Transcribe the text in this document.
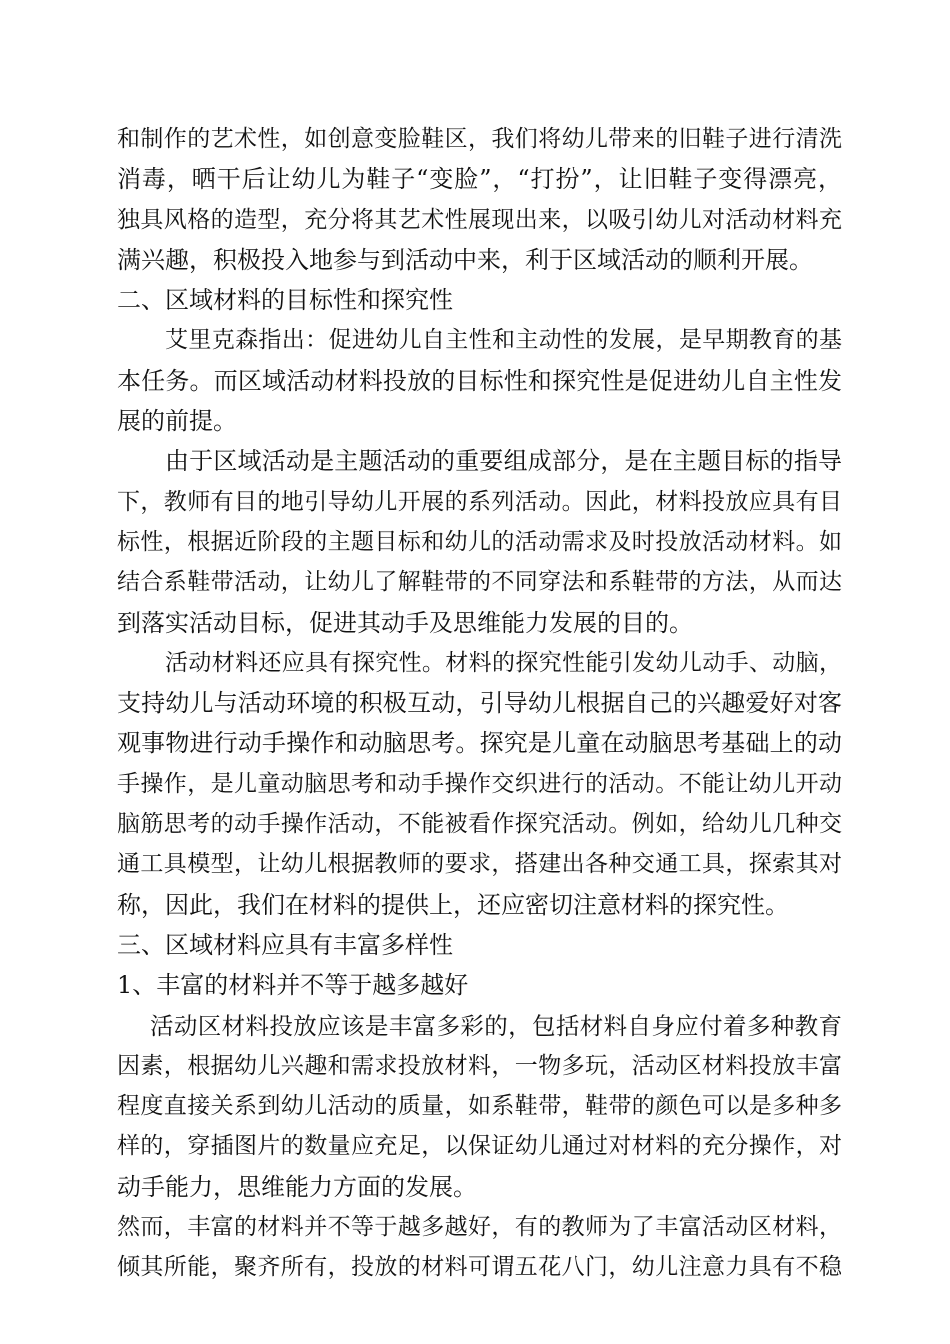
和制作的艺术性，如创意变脸鞋区，我们将幼儿带来的旧鞋子进行清洗
消毒，晒干后让幼儿为鞋子“变脸”，“打扮”，让旧鞋子变得漂亮，
独具风格的造型，充分将其艺术性展现出来，以吸引幼儿对活动材料充
满兴趣，积极投入地参与到活动中来，利于区域活动的顺利开展。
二、区域材料的目标性和探究性
艾里克森指出：促进幼儿自主性和主动性的发展，是早期教育的基
本任务。而区域活动材料投放的目标性和探究性是促进幼儿自主性发
展的前提。
由于区域活动是主题活动的重要组成部分，是在主题目标的指导
下，教师有目的地引导幼儿开展的系列活动。因此，材料投放应具有目
标性，根据近阶段的主题目标和幼儿的活动需求及时投放活动材料。如
结合系鞋带活动，让幼儿了解鞋带的不同穿法和系鞋带的方法，从而达
到落实活动目标，促进其动手及思维能力发展的目的。
活动材料还应具有探究性。材料的探究性能引发幼儿动手、动脑，
支持幼儿与活动环境的积极互动，引导幼儿根据自己的兴趣爱好对客
观事物进行动手操作和动脑思考。探究是儿童在动脑思考基础上的动
手操作，是儿童动脑思考和动手操作交织进行的活动。不能让幼儿开动
脑筋思考的动手操作活动，不能被看作探究活动。例如，给幼儿几种交
通工具模型，让幼儿根据教师的要求，搭建出各种交通工具，探索其对
称，因此，我们在材料的提供上，还应密切注意材料的探究性。
三、区域材料应具有丰富多样性
1、丰富的材料并不等于越多越好
活动区材料投放应该是丰富多彩的，包括材料自身应付着多种教育
因素，根据幼儿兴趣和需求投放材料，一物多玩，活动区材料投放丰富
程度直接关系到幼儿活动的质量，如系鞋带，鞋带的颜色可以是多种多
样的，穿插图片的数量应充足，以保证幼儿通过对材料的充分操作，对
动手能力，思维能力方面的发展。
然而，丰富的材料并不等于越多越好，有的教师为了丰富活动区材料，
倾其所能，聚齐所有，投放的材料可谓五花八门，幼儿注意力具有不稳
